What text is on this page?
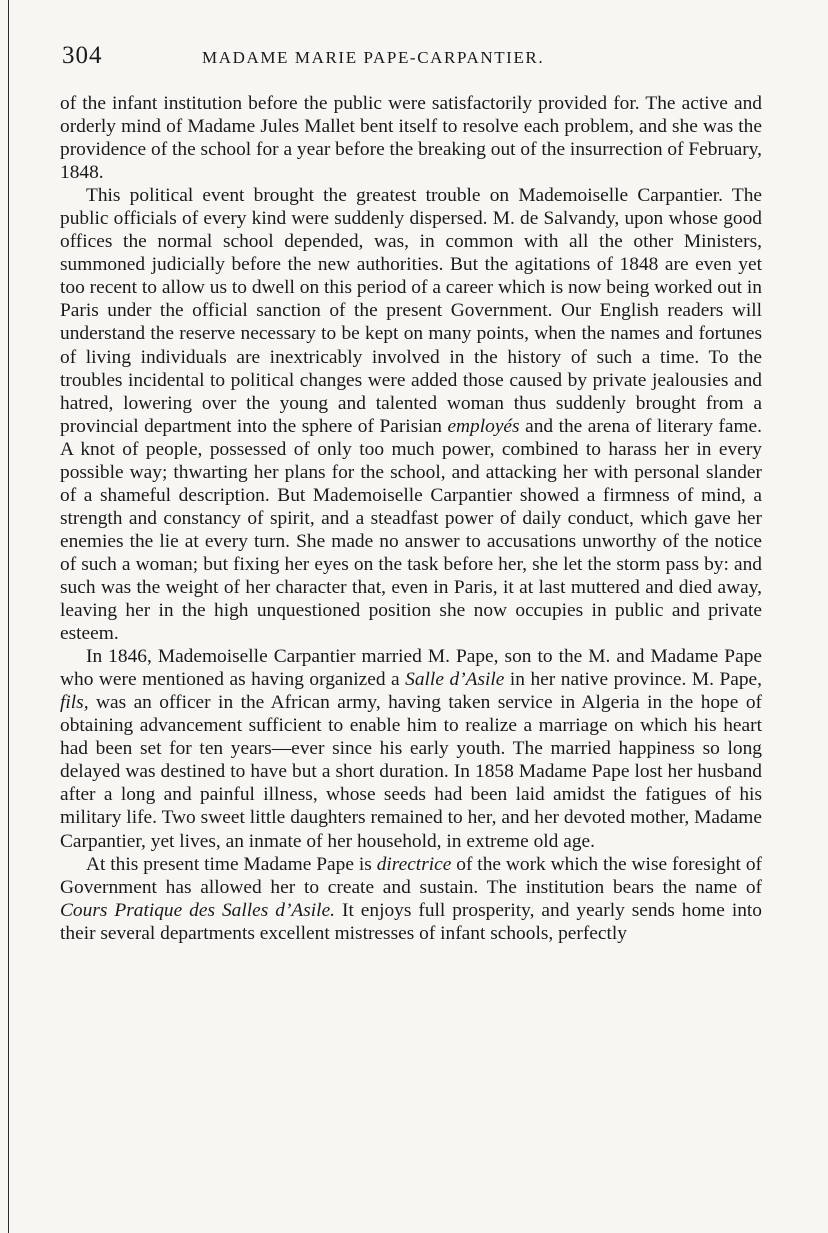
304	MADAME MARIE PAPE-CARPANTIER.

of the infant institution before the public were satisfactorily provided for. The active and orderly mind of Madame Jules Mallet bent itself to resolve each problem, and she was the providence of the school for a year before the breaking out of the insurrection of February, 1848.

This political event brought the greatest trouble on Mademoiselle Carpantier. The public officials of every kind were suddenly dispersed. M. de Salvandy, upon whose good offices the normal school depended, was, in common with all the other Ministers, summoned judicially before the new authorities. But the agitations of 1848 are even yet too recent to allow us to dwell on this period of a career which is now being worked out in Paris under the official sanction of the present Government. Our English readers will understand the reserve necessary to be kept on many points, when the names and fortunes of living individuals are inextricably involved in the history of such a time. To the troubles incidental to political changes were added those caused by private jealousies and hatred, lowering over the young and talented woman thus suddenly brought from a provincial department into the sphere of Parisian employés and the arena of literary fame. A knot of people, possessed of only too much power, combined to harass her in every possible way; thwarting her plans for the school, and attacking her with personal slander of a shameful description. But Mademoiselle Carpantier showed a firmness of mind, a strength and constancy of spirit, and a steadfast power of daily conduct, which gave her enemies the lie at every turn. She made no answer to accusations unworthy of the notice of such a woman; but fixing her eyes on the task before her, she let the storm pass by: and such was the weight of her character that, even in Paris, it at last muttered and died away, leaving her in the high unquestioned position she now occupies in public and private esteem.

In 1846, Mademoiselle Carpantier married M. Pape, son to the M. and Madame Pape who were mentioned as having organized a Salle d’Asile in her native province. M. Pape, fils, was an officer in the African army, having taken service in Algeria in the hope of obtaining advancement sufficient to enable him to realize a marriage on which his heart had been set for ten years—ever since his early youth. The married happiness so long delayed was destined to have but a short duration. In 1858 Madame Pape lost her husband after a long and painful illness, whose seeds had been laid amidst the fatigues of his military life. Two sweet little daughters remained to her, and her devoted mother, Madame Carpantier, yet lives, an inmate of her household, in extreme old age.

At this present time Madame Pape is directrice of the work which the wise foresight of Government has allowed her to create and sustain. The institution bears the name of Cours Pratique des Salles d’Asile. It enjoys full prosperity, and yearly sends home into their several departments excellent mistresses of infant schools, perfectly
